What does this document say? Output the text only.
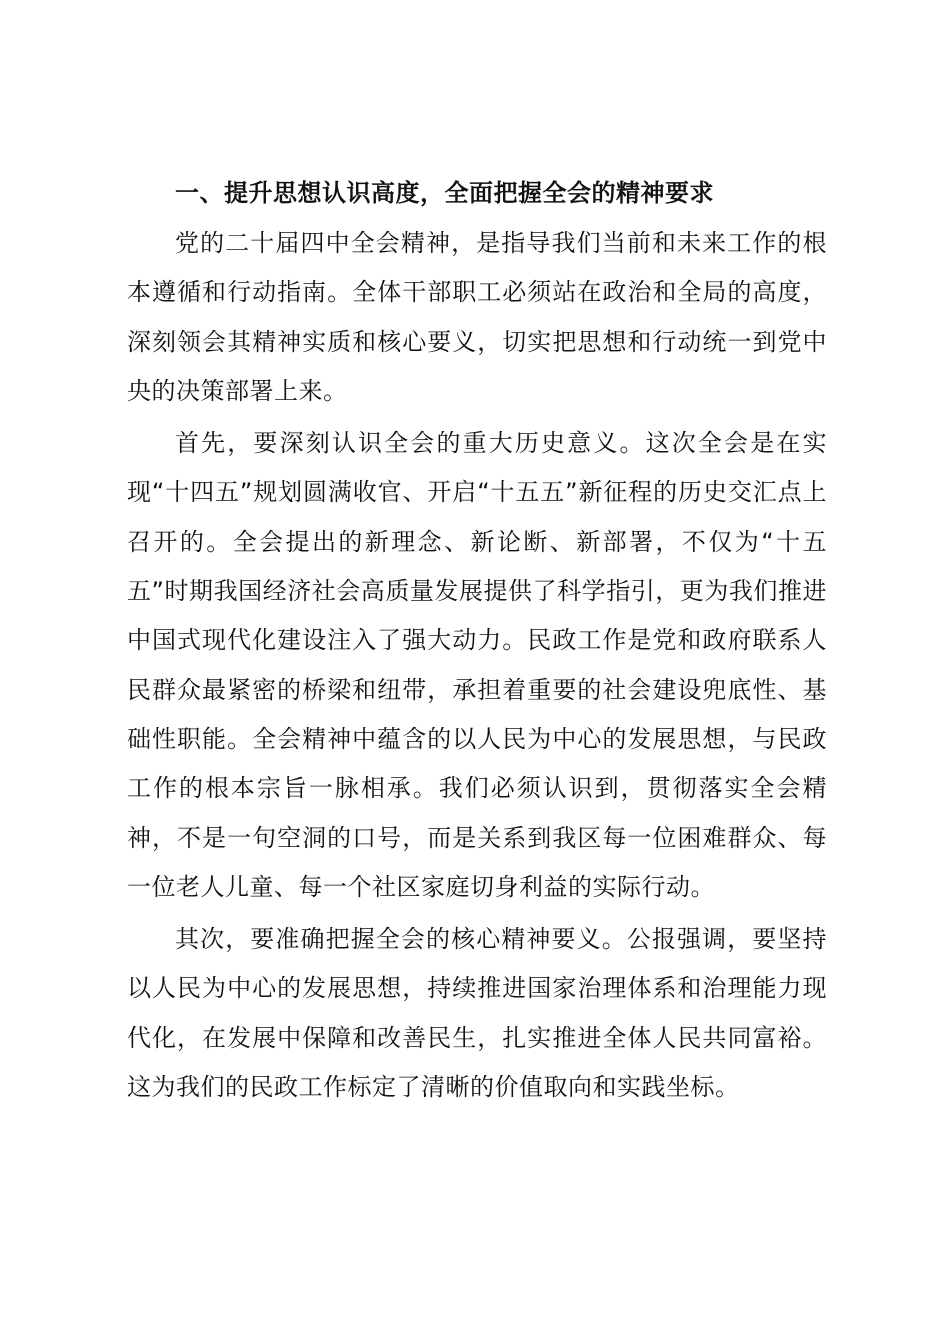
一、提升思想认识高度，全面把握全会的精神要求

党的二十届四中全会精神，是指导我们当前和未来工作的根本遵循和行动指南。全体干部职工必须站在政治和全局的高度，深刻领会其精神实质和核心要义，切实把思想和行动统一到党中央的决策部署上来。

首先，要深刻认识全会的重大历史意义。这次全会是在实现“十四五”规划圆满收官、开启“十五五”新征程的历史交汇点上召开的。全会提出的新理念、新论断、新部署，不仅为“十五五”时期我国经济社会高质量发展提供了科学指引，更为我们推进中国式现代化建设注入了强大动力。民政工作是党和政府联系人民群众最紧密的桥梁和纽带，承担着重要的社会建设兜底性、基础性职能。全会精神中蕴含的以人民为中心的发展思想，与民政工作的根本宗旨一脉相承。我们必须认识到，贯彻落实全会精神，不是一句空洞的口号，而是关系到我区每一位困难群众、每一位老人儿童、每一个社区家庭切身利益的实际行动。

其次，要准确把握全会的核心精神要义。公报强调，要坚持以人民为中心的发展思想，持续推进国家治理体系和治理能力现代化，在发展中保障和改善民生，扎实推进全体人民共同富裕。这为我们的民政工作标定了清晰的价值取向和实践坐标。
